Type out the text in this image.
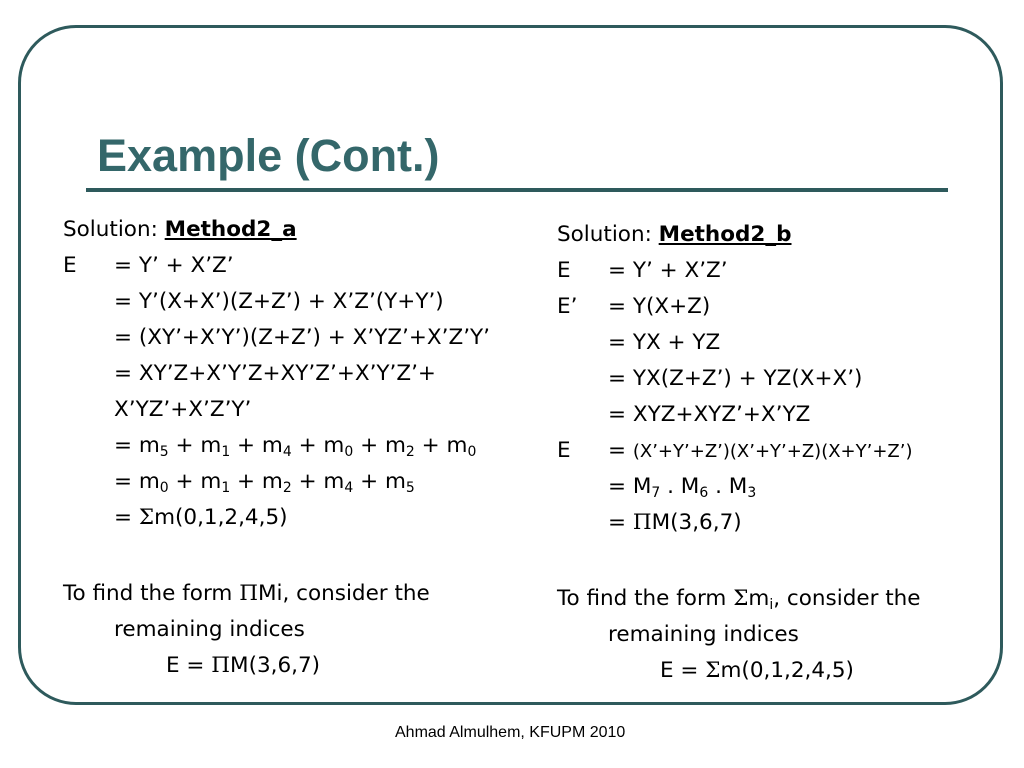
Example (Cont.)
Solution: Method2_a
E = Y’ + X’Z’
= Y’(X+X’)(Z+Z’) + X’Z’(Y+Y’)
= (XY’+X’Y’)(Z+Z’) + X’YZ’+X’Z’Y’
= XY’Z+X’Y’Z+XY’Z’+X’Y’Z’+
X’YZ’+X’Z’Y’
= $m_5 + m_1 + m_4 + m_0 + m_2 + m_0$
= $m_0 + m_1 + m_2 + m_4 + m_5$
= Σm(0,1,2,4,5)
To find the form ΠMi, consider the
remaining indices
E = ΠM(3,6,7)
Solution: Method2_b
E = Y’ + X’Z’
E’ = Y(X+Z)
= YX + YZ
= YX(Z+Z’) + YZ(X+X’)
= XYZ+XYZ’+X’YZ
E = (X’+Y’+Z’)(X’+Y’+Z)(X+Y’+Z’)
= $M_7$ . $M_6$ . $M_3$
= ΠM(3,6,7)
To find the form $\Sigma m_i$, consider the
remaining indices
E = Σm(0,1,2,4,5)
Ahmad Almulhem, KFUPM 2010
